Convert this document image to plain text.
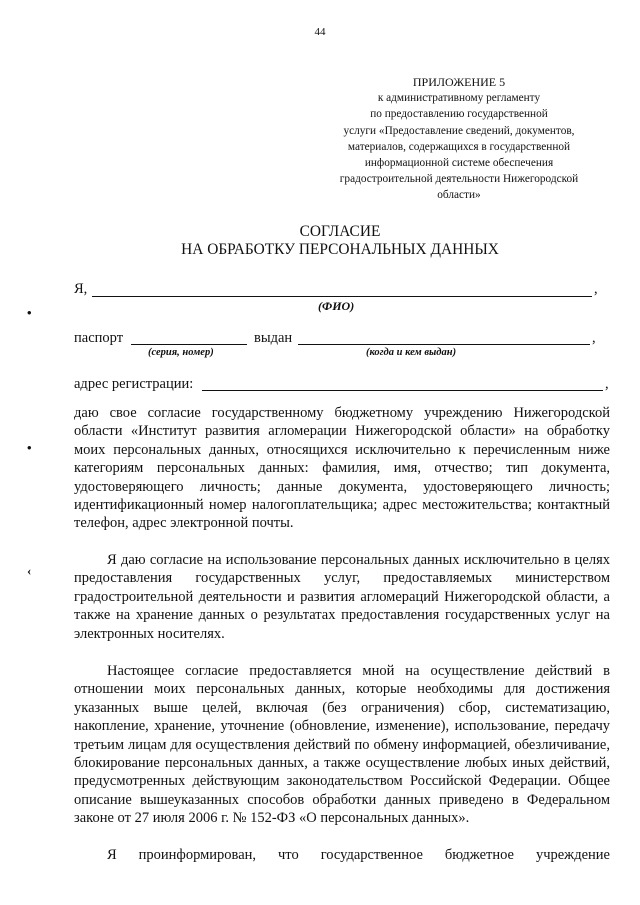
44
ПРИЛОЖЕНИЕ 5
к административному регламенту
по предоставлению государственной
услуги «Предоставление сведений, документов,
материалов, содержащихся в государственной
информационной системе обеспечения
градостроительной деятельности Нижегородской
области»
СОГЛАСИЕ
НА ОБРАБОТКУ ПЕРСОНАЛЬНЫХ ДАННЫХ
•
•
‹
Я,	,
(ФИО)
паспорт	выдан	,
(серия, номер)	(когда и кем выдан)
адрес регистрации:	,
даю свое согласие государственному бюджетному учреждению Нижегородской области «Институт развития агломерации Нижегородской области» на обработку моих персональных данных, относящихся исключительно к перечисленным ниже категориям персональных данных: фамилия, имя, отчество; тип документа, удостоверяющего личность; данные документа, удостоверяющего личность; идентификационный номер налогоплательщика; адрес местожительства; контактный телефон, адрес электронной почты.
Я даю согласие на использование персональных данных исключительно в целях предоставления государственных услуг, предоставляемых министерством градостроительной деятельности и развития агломераций Нижегородской области, а также на хранение данных о результатах предоставления государственных услуг на электронных носителях.
Настоящее согласие предоставляется мной на осуществление действий в отношении моих персональных данных, которые необходимы для достижения указанных выше целей, включая (без ограничения) сбор, систематизацию, накопление, хранение, уточнение (обновление, изменение), использование, передачу третьим лицам для осуществления действий по обмену информацией, обезличивание, блокирование персональных данных, а также осуществление любых иных действий, предусмотренных действующим законодательством Российской Федерации. Общее описание вышеуказанных способов обработки данных приведено в Федеральном законе от 27 июля 2006 г. № 152-ФЗ «О персональных данных».
Я проинформирован, что государственное бюджетное учреждение
